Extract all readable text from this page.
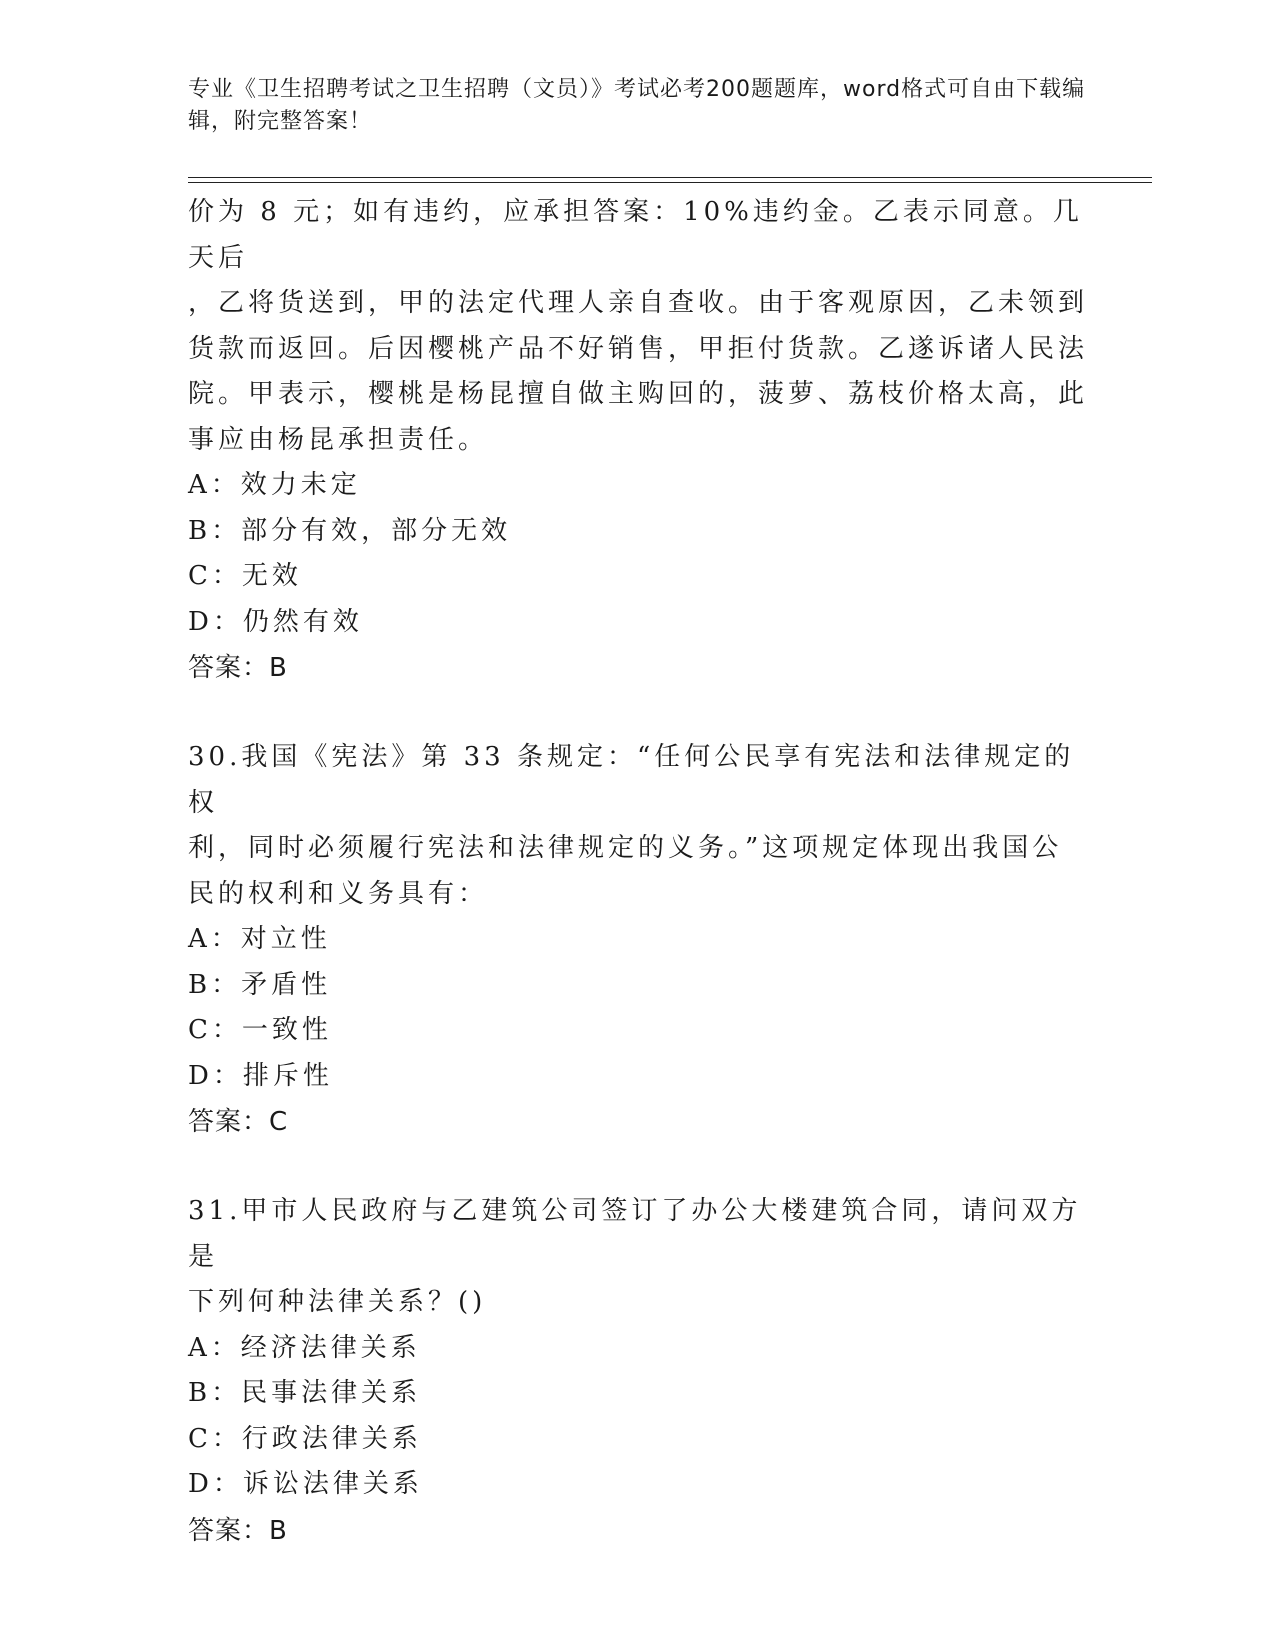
专业《卫生招聘考试之卫生招聘（文员）》考试必考200题题库，word格式可自由下载编辑，附完整答案！

价为 8 元；如有违约，应承担答案：10%违约金。乙表示同意。几天后

，乙将货送到，甲的法定代理人亲自查收。由于客观原因，乙未领到

货款而返回。后因樱桃产品不好销售，甲拒付货款。乙遂诉诸人民法

院。甲表示，樱桃是杨昆擅自做主购回的，菠萝、荔枝价格太高，此

事应由杨昆承担责任。

A：效力未定

B：部分有效，部分无效

C：无效

D：仍然有效

答案：B

30.我国《宪法》第 33 条规定：“任何公民享有宪法和法律规定的权

利，同时必须履行宪法和法律规定的义务。”这项规定体现出我国公

民的权利和义务具有：

A：对立性

B：矛盾性

C：一致性

D：排斥性

答案：C

31.甲市人民政府与乙建筑公司签订了办公大楼建筑合同，请问双方是

下列何种法律关系？()

A：经济法律关系

B：民事法律关系

C：行政法律关系

D：诉讼法律关系

答案：B
